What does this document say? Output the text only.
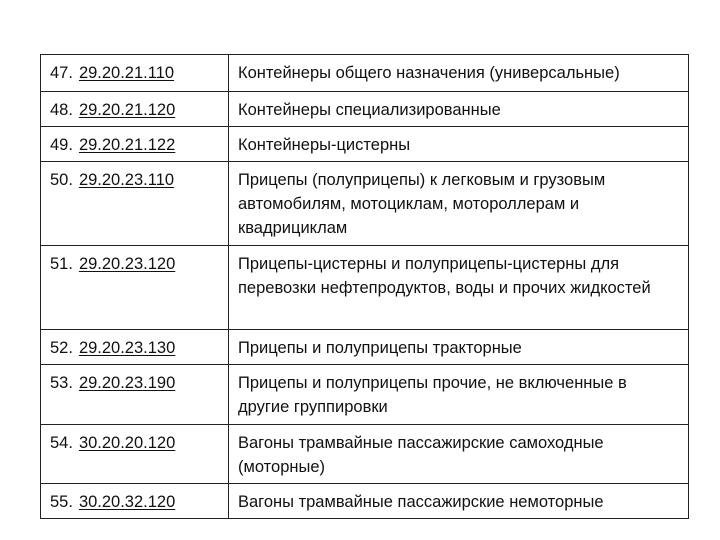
47. 29.20.21.110	Контейнеры общего назначения (универсальные)
48. 29.20.21.120	Контейнеры специализированные
49. 29.20.21.122	Контейнеры-цистерны
50. 29.20.23.110	Прицепы (полуприцепы) к легковым и грузовым автомобилям, мотоциклам, мотороллерам и квадрициклам
51. 29.20.23.120	Прицепы-цистерны и полуприцепы-цистерны для перевозки нефтепродуктов, воды и прочих жидкостей
52. 29.20.23.130	Прицепы и полуприцепы тракторные
53. 29.20.23.190	Прицепы и полуприцепы прочие, не включенные в другие группировки
54. 30.20.20.120	Вагоны трамвайные пассажирские самоходные (моторные)
55. 30.20.32.120	Вагоны трамвайные пассажирские немоторные
